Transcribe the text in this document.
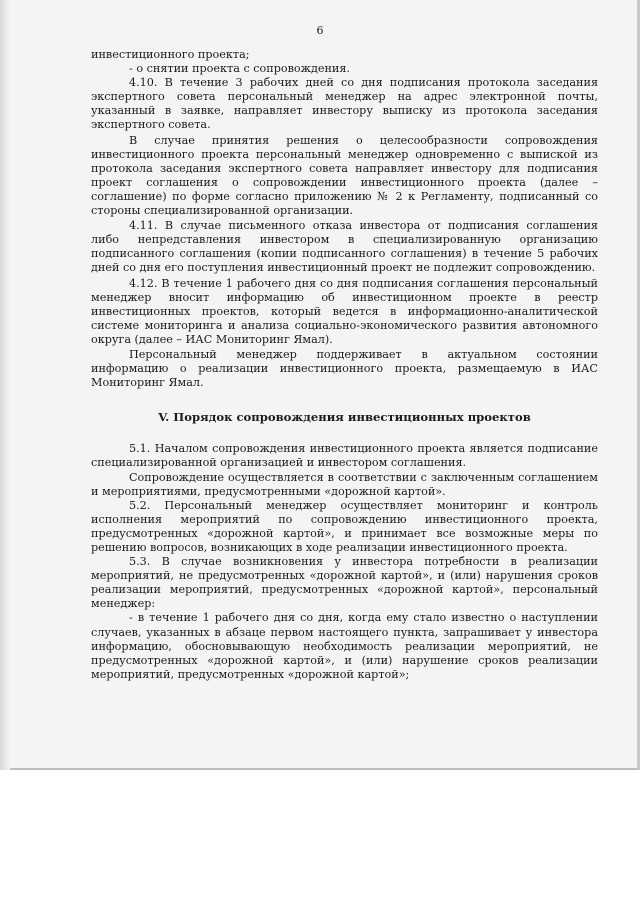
6

инвестиционного проекта;

- о снятии проекта с сопровождения.

4.10. В течение 3 рабочих дней со дня подписания протокола заседания экспертного совета персональный менеджер на адрес электронной почты, указанный в заявке, направляет инвестору выписку из протокола заседания экспертного совета.

В случае принятия решения о целесообразности сопровождения инвестиционного проекта персональный менеджер одновременно с выпиской из протокола заседания экспертного совета направляет инвестору для подписания проект соглашения о сопровождении инвестиционного проекта (далее – соглашение) по форме согласно приложению № 2 к Регламенту, подписанный со стороны специализированной организации.

4.11. В случае письменного отказа инвестора от подписания соглашения либо непредставления инвестором в специализированную организацию подписанного соглашения (копии подписанного соглашения) в течение 5 рабочих дней со дня его поступления инвестиционный проект не подлежит сопровождению.

4.12. В течение 1 рабочего дня со дня подписания соглашения персональный менеджер вносит информацию об инвестиционном проекте в реестр инвестиционных проектов, который ведется в информационно-аналитической системе мониторинга и анализа социально-экономического развития автономного округа (далее – ИАС Мониторинг Ямал).

Персональный менеджер поддерживает в актуальном состоянии информацию о реализации инвестиционного проекта, размещаемую в ИАС Мониторинг Ямал.

V. Порядок сопровождения инвестиционных проектов

5.1. Началом сопровождения инвестиционного проекта является подписание специализированной организацией и инвестором соглашения.

Сопровождение осуществляется в соответствии с заключенным соглашением и мероприятиями, предусмотренными «дорожной картой».

5.2. Персональный менеджер осуществляет мониторинг и контроль исполнения мероприятий по сопровождению инвестиционного проекта, предусмотренных «дорожной картой», и принимает все возможные меры по решению вопросов, возникающих в ходе реализации инвестиционного проекта.

5.3. В случае возникновения у инвестора потребности в реализации мероприятий, не предусмотренных «дорожной картой», и (или) нарушения сроков реализации мероприятий, предусмотренных «дорожной картой», персональный менеджер:

- в течение 1 рабочего дня со дня, когда ему стало известно о наступлении случаев, указанных в абзаце первом настоящего пункта, запрашивает у инвестора информацию, обосновывающую необходимость реализации мероприятий, не предусмотренных «дорожной картой», и (или) нарушение сроков реализации мероприятий, предусмотренных «дорожной картой»;
